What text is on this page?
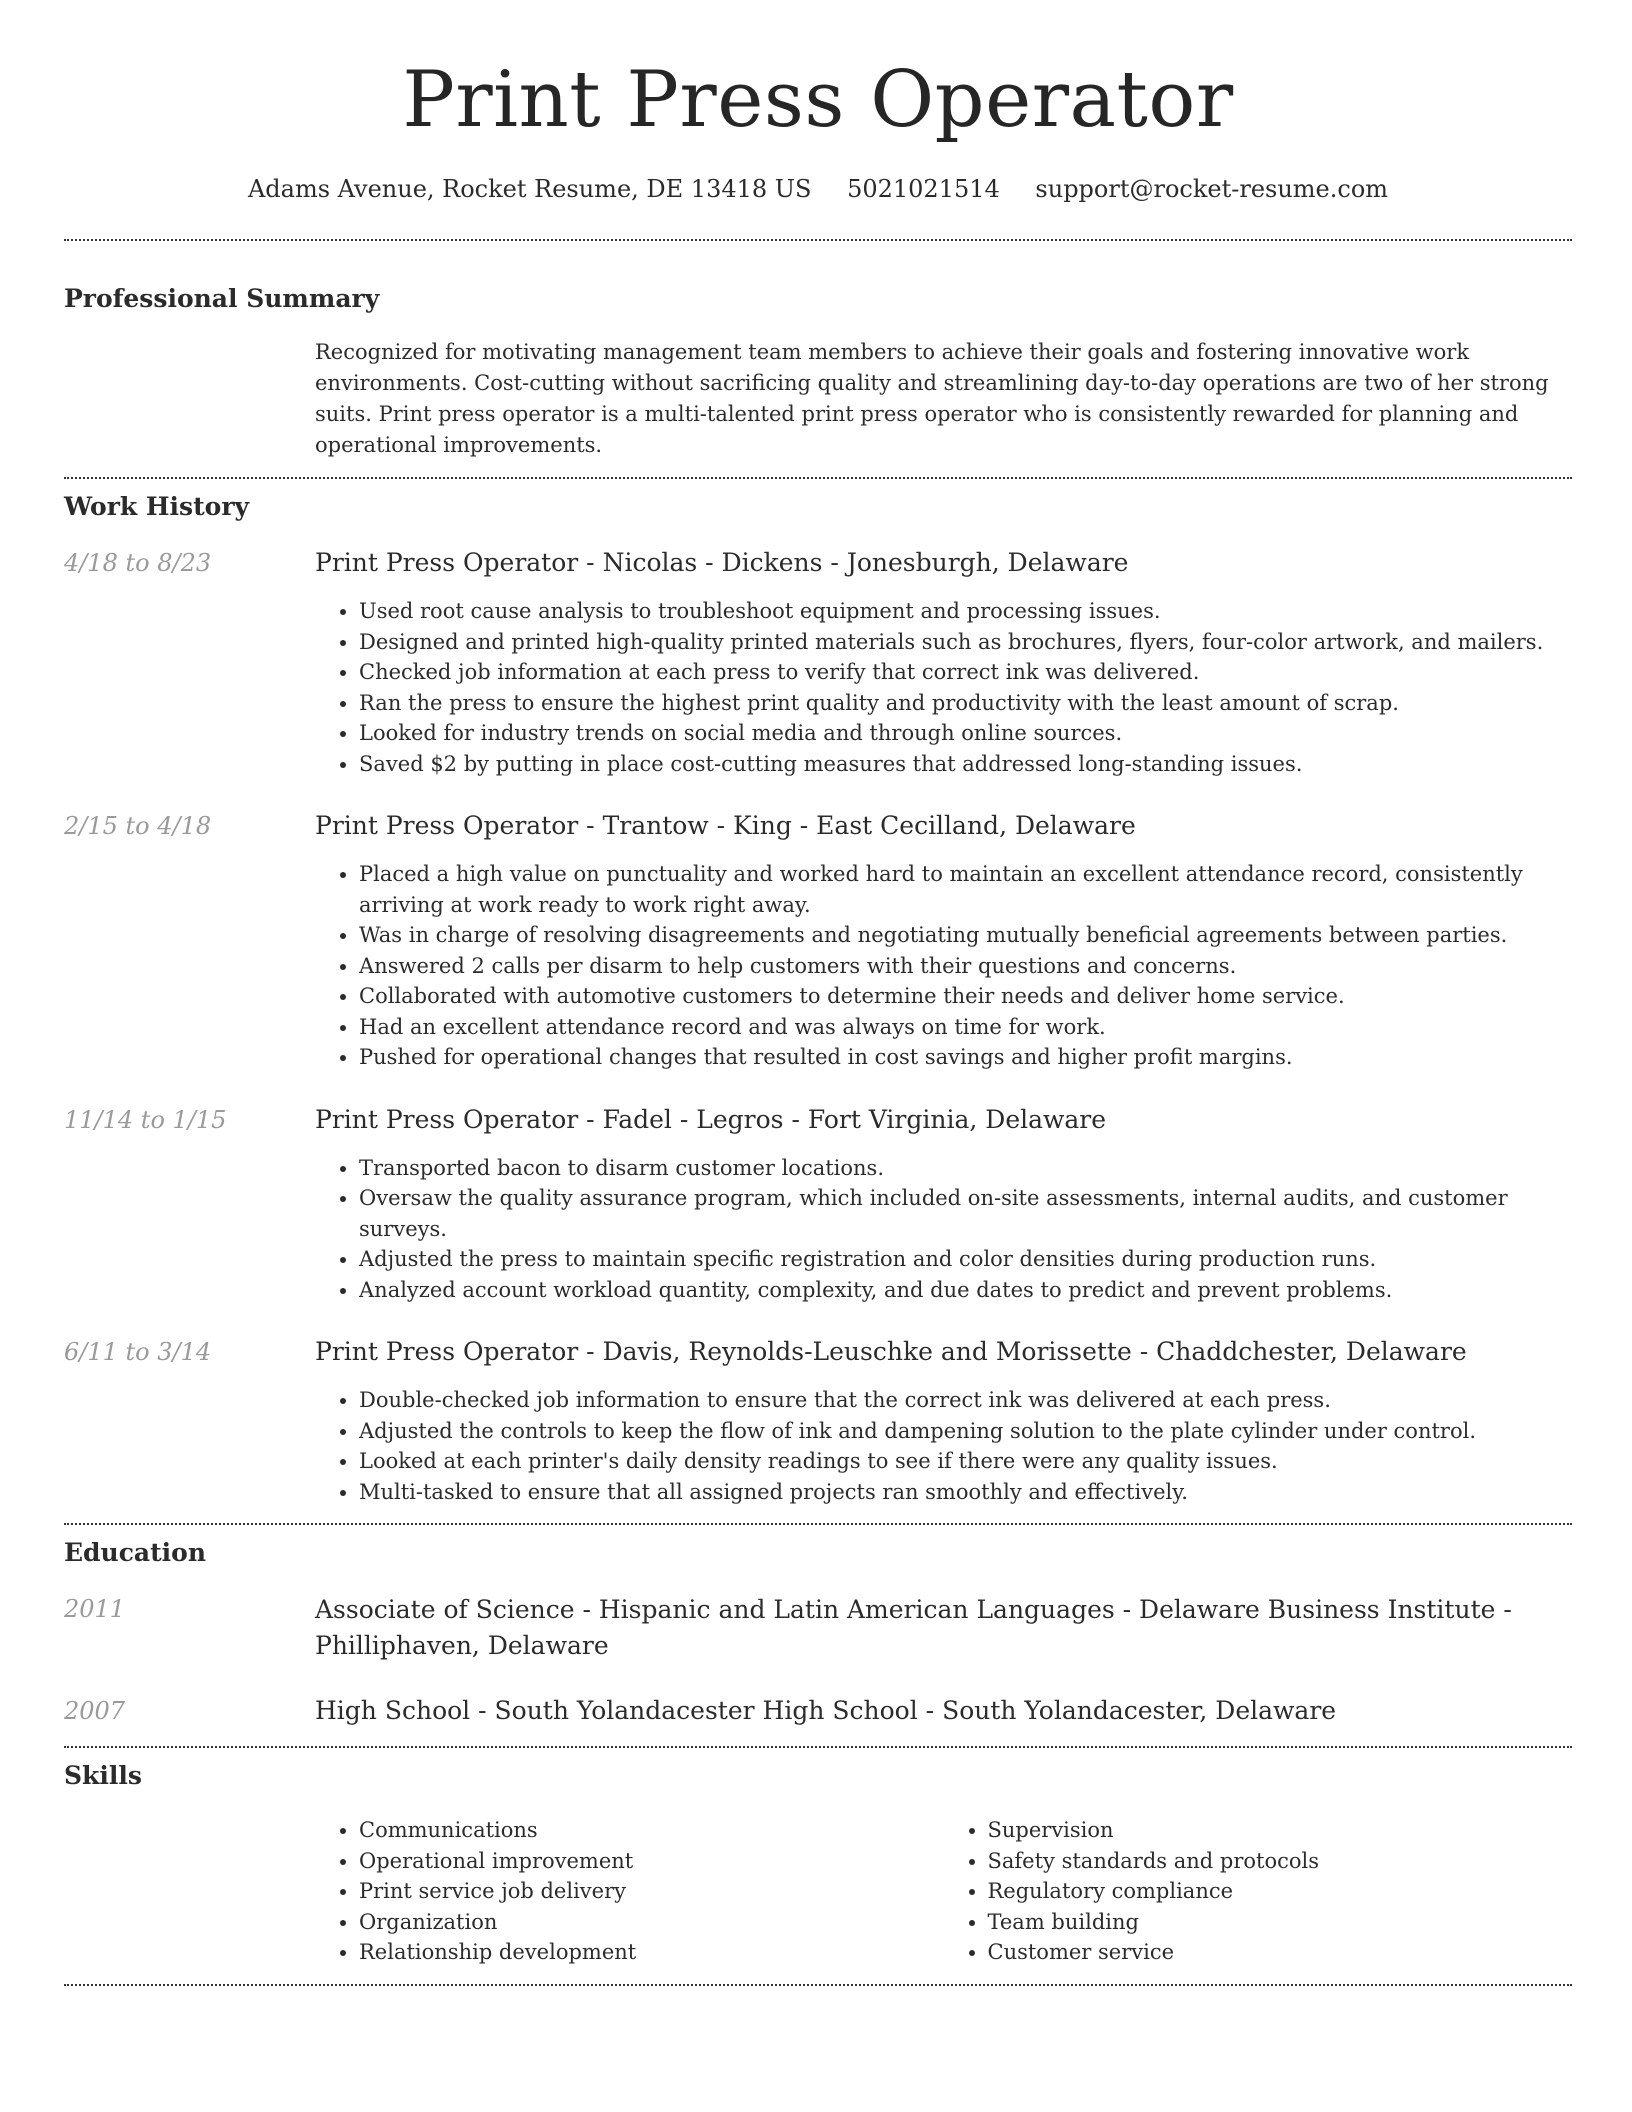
Print Press Operator
Adams Avenue, Rocket Resume, DE 13418 US 5021021514 support@rocket-resume.com
Professional Summary

Recognized for motivating management team members to achieve their goals and fostering innovative work environments. Cost-cutting without sacrificing quality and streamlining day-to-day operations are two of her strong suits. Print press operator is a multi-talented print press operator who is consistently rewarded for planning and operational improvements.

Work History
4/18 to 8/23	Print Press Operator - Nicolas - Dickens - Jonesburgh, Delaware
• Used root cause analysis to troubleshoot equipment and processing issues.
• Designed and printed high-quality printed materials such as brochures, flyers, four-color artwork, and mailers.
• Checked job information at each press to verify that correct ink was delivered.
• Ran the press to ensure the highest print quality and productivity with the least amount of scrap.
• Looked for industry trends on social media and through online sources.
• Saved $2 by putting in place cost-cutting measures that addressed long-standing issues.
2/15 to 4/18	Print Press Operator - Trantow - King - East Cecilland, Delaware
• Placed a high value on punctuality and worked hard to maintain an excellent attendance record, consistently arriving at work ready to work right away.
• Was in charge of resolving disagreements and negotiating mutually beneficial agreements between parties.
• Answered 2 calls per disarm to help customers with their questions and concerns.
• Collaborated with automotive customers to determine their needs and deliver home service.
• Had an excellent attendance record and was always on time for work.
• Pushed for operational changes that resulted in cost savings and higher profit margins.
11/14 to 1/15	Print Press Operator - Fadel - Legros - Fort Virginia, Delaware
• Transported bacon to disarm customer locations.
• Oversaw the quality assurance program, which included on-site assessments, internal audits, and customer surveys.
• Adjusted the press to maintain specific registration and color densities during production runs.
• Analyzed account workload quantity, complexity, and due dates to predict and prevent problems.
6/11 to 3/14	Print Press Operator - Davis, Reynolds-Leuschke and Morissette - Chaddchester, Delaware
• Double-checked job information to ensure that the correct ink was delivered at each press.
• Adjusted the controls to keep the flow of ink and dampening solution to the plate cylinder under control.
• Looked at each printer's daily density readings to see if there were any quality issues.
• Multi-tasked to ensure that all assigned projects ran smoothly and effectively.
Education
2011	Associate of Science - Hispanic and Latin American Languages - Delaware Business Institute - Philliphaven, Delaware
2007	High School - South Yolandacester High School - South Yolandacester, Delaware
Skills
• Communications
• Operational improvement
• Print service job delivery
• Organization
• Relationship development
• Supervision
• Safety standards and protocols
• Regulatory compliance
• Team building
• Customer service
